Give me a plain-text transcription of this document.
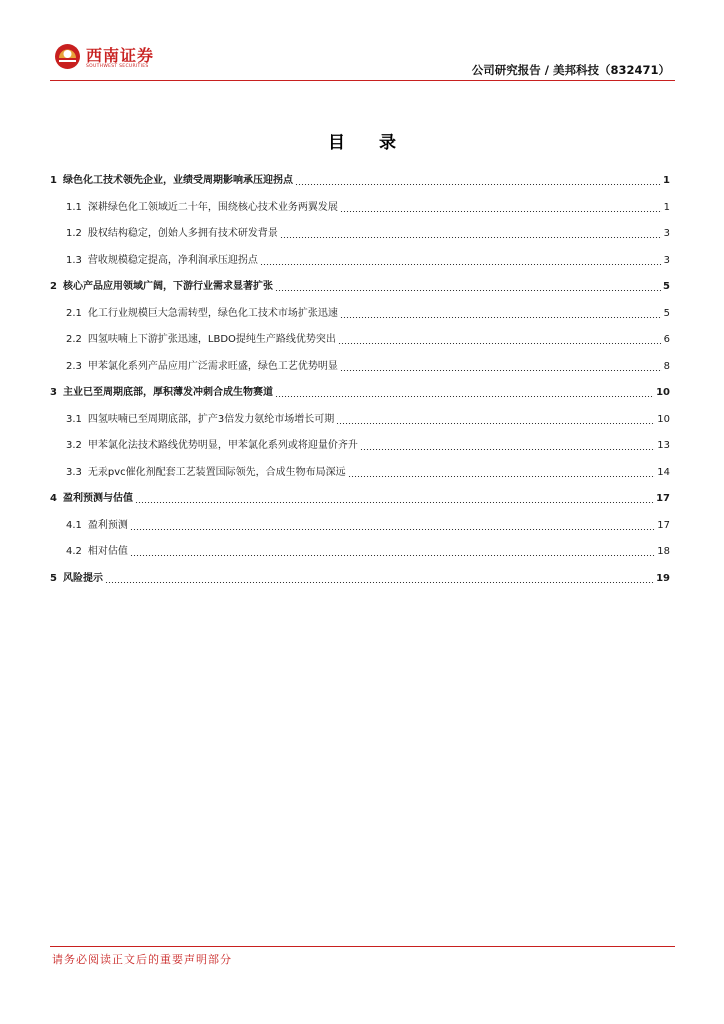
西南证券
SOUTHWEST SECURITIES	公司研究报告 / 美邦科技（832471）
目 录
1 绿色化工技术领先企业，业绩受周期影响承压迎拐点	1
1.1 深耕绿色化工领域近二十年，围绕核心技术业务两翼发展	1
1.2 股权结构稳定，创始人多拥有技术研发背景	3
1.3 营收规模稳定提高，净利润承压迎拐点	3
2 核心产品应用领域广阔，下游行业需求显著扩张	5
2.1 化工行业规模巨大急需转型，绿色化工技术市场扩张迅速	5
2.2 四氢呋喃上下游扩张迅速，LBDO提纯生产路线优势突出	6
2.3 甲苯氯化系列产品应用广泛需求旺盛，绿色工艺优势明显	8
3 主业已至周期底部，厚积薄发冲刺合成生物赛道	10
3.1 四氢呋喃已至周期底部，扩产3倍发力氨纶市场增长可期	10
3.2 甲苯氯化法技术路线优势明显，甲苯氯化系列或将迎量价齐升	13
3.3 无汞pvc催化剂配套工艺装置国际领先，合成生物布局深远	14
4 盈利预测与估值	17
4.1 盈利预测	17
4.2 相对估值	18
5 风险提示	19
请务必阅读正文后的重要声明部分
